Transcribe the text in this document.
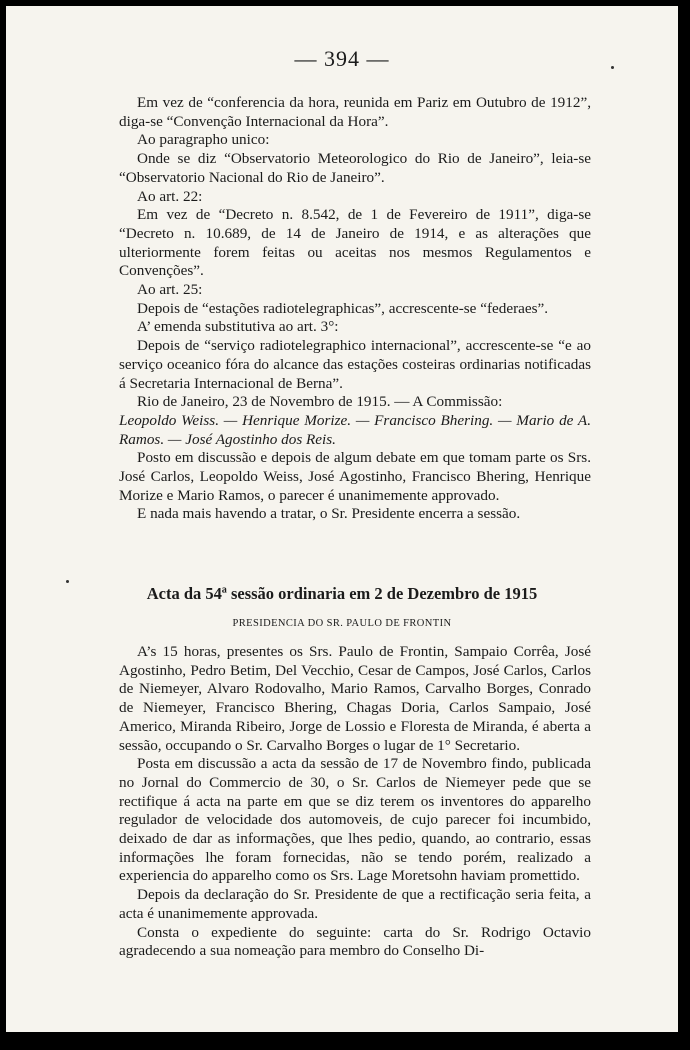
— 394 —

Em vez de “conferencia da hora, reunida em Pariz em Outubro de 1912”, diga-se “Convenção Internacional da Hora”.

Ao paragrapho unico:

Onde se diz “Observatorio Meteorologico do Rio de Janeiro”, leia-se “Observatorio Nacional do Rio de Janeiro”.

Ao art. 22:

Em vez de “Decreto n. 8.542, de 1 de Fevereiro de 1911”, diga-se “Decreto n. 10.689, de 14 de Janeiro de 1914, e as alterações que ulteriormente forem feitas ou aceitas nos mesmos Regulamentos e Convenções”.

Ao art. 25:

Depois de “estações radiotelegraphicas”, accrescente-se “federaes”.

A’ emenda substitutiva ao art. 3°:

Depois de “serviço radiotelegraphico internacional”, accrescente-se “e ao serviço oceanico fóra do alcance das estações costeiras ordinarias notificadas á Secretaria Internacional de Berna”.

Rio de Janeiro, 23 de Novembro de 1915. — A Commissão:

Leopoldo Weiss. — Henrique Morize. — Francisco Bhering. — Mario de A. Ramos. — José Agostinho dos Reis.

Posto em discussão e depois de algum debate em que tomam parte os Srs. José Carlos, Leopoldo Weiss, José Agostinho, Francisco Bhering, Henrique Morize e Mario Ramos, o parecer é unanimemente approvado.

E nada mais havendo a tratar, o Sr. Presidente encerra a sessão.

Acta da 54ª sessão ordinaria em 2 de Dezembro de 1915
PRESIDENCIA DO SR. PAULO DE FRONTIN

A’s 15 horas, presentes os Srs. Paulo de Frontin, Sampaio Corrêa, José Agostinho, Pedro Betim, Del Vecchio, Cesar de Campos, José Carlos, Carlos de Niemeyer, Alvaro Rodovalho, Mario Ramos, Carvalho Borges, Conrado de Niemeyer, Francisco Bhering, Chagas Doria, Carlos Sampaio, José Americo, Miranda Ribeiro, Jorge de Lossio e Floresta de Miranda, é aberta a sessão, occupando o Sr. Carvalho Borges o lugar de 1° Secretario.

Posta em discussão a acta da sessão de 17 de Novembro findo, publicada no Jornal do Commercio de 30, o Sr. Carlos de Niemeyer pede que se rectifique á acta na parte em que se diz terem os inventores do apparelho regulador de velocidade dos automoveis, de cujo parecer foi incumbido, deixado de dar as informações, que lhes pedio, quando, ao contrario, essas informações lhe foram fornecidas, não se tendo porém, realizado a experiencia do apparelho como os Srs. Lage Moretsohn haviam promettido.

Depois da declaração do Sr. Presidente de que a rectificação seria feita, a acta é unanimemente approvada.

Consta o expediente do seguinte: carta do Sr. Rodrigo Octavio agradecendo a sua nomeação para membro do Conselho Di-
